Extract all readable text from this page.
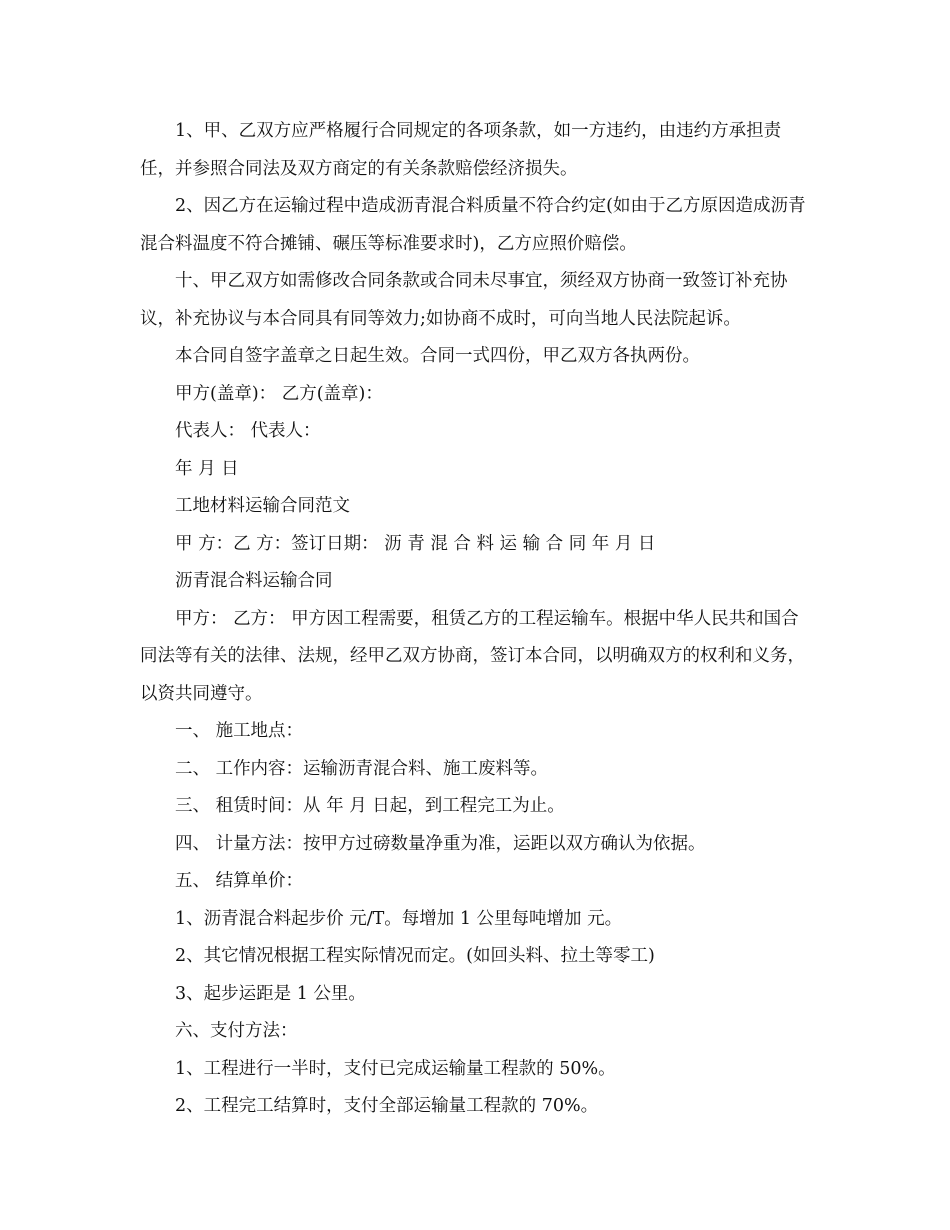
1、甲、乙双方应严格履行合同规定的各项条款，如一方违约，由违约方承担责任，并参照合同法及双方商定的有关条款赔偿经济损失。

2、因乙方在运输过程中造成沥青混合料质量不符合约定(如由于乙方原因造成沥青混合料温度不符合摊铺、碾压等标准要求时)，乙方应照价赔偿。

十、甲乙双方如需修改合同条款或合同未尽事宜，须经双方协商一致签订补充协议，补充协议与本合同具有同等效力;如协商不成时，可向当地人民法院起诉。

本合同自签字盖章之日起生效。合同一式四份，甲乙双方各执两份。

甲方(盖章)： 乙方(盖章)：

代表人： 代表人：

年 月 日

工地材料运输合同范文

甲 方：乙 方：签订日期： 沥 青 混 合 料 运 输 合 同 年 月 日

沥青混合料运输合同

甲方： 乙方： 甲方因工程需要，租赁乙方的工程运输车。根据中华人民共和国合同法等有关的法律、法规，经甲乙双方协商，签订本合同，以明确双方的权利和义务，以资共同遵守。

一、 施工地点：

二、 工作内容：运输沥青混合料、施工废料等。

三、 租赁时间：从 年 月 日起，到工程完工为止。

四、 计量方法：按甲方过磅数量净重为准，运距以双方确认为依据。

五、 结算单价：

1、沥青混合料起步价 元/T。每增加 1 公里每吨增加 元。

2、其它情况根据工程实际情况而定。(如回头料、拉土等零工)

3、起步运距是 1 公里。

六、支付方法：

1、工程进行一半时，支付已完成运输量工程款的 50%。

2、工程完工结算时，支付全部运输量工程款的 70%。
